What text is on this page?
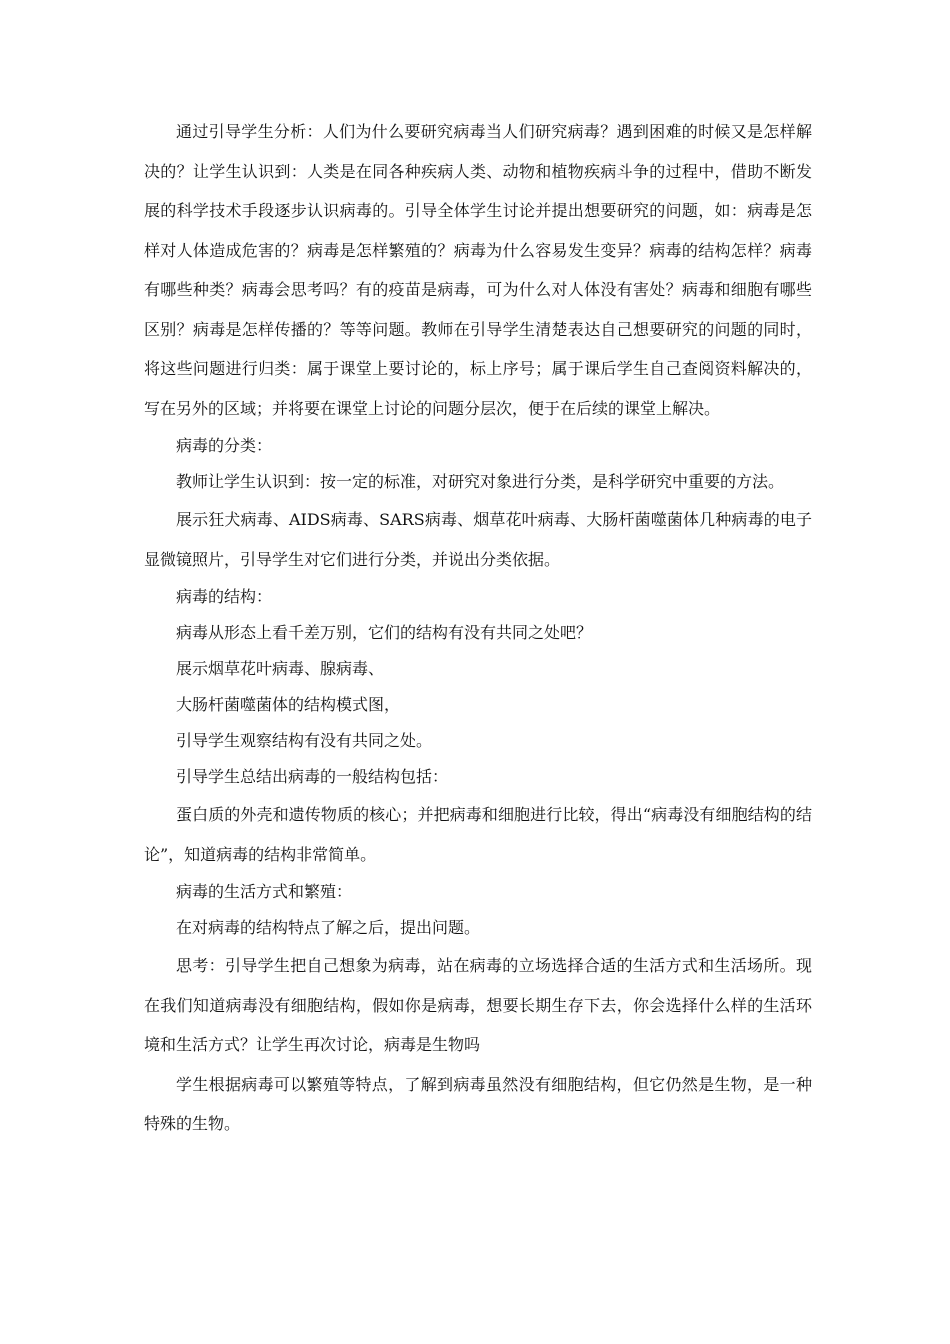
通过引导学生分析：人们为什么要研究病毒当人们研究病毒？遇到困难的时候又是怎样解决的？让学生认识到：人类是在同各种疾病人类、动物和植物疾病斗争的过程中，借助不断发展的科学技术手段逐步认识病毒的。引导全体学生讨论并提出想要研究的问题，如：病毒是怎样对人体造成危害的？病毒是怎样繁殖的？病毒为什么容易发生变异？病毒的结构怎样？病毒有哪些种类？病毒会思考吗？有的疫苗是病毒，可为什么对人体没有害处？病毒和细胞有哪些区别？病毒是怎样传播的？等等问题。教师在引导学生清楚表达自己想要研究的问题的同时，将这些问题进行归类：属于课堂上要讨论的，标上序号；属于课后学生自己查阅资料解决的，写在另外的区域；并将要在课堂上讨论的问题分层次，便于在后续的课堂上解决。

病毒的分类：

教师让学生认识到：按一定的标准，对研究对象进行分类，是科学研究中重要的方法。

展示狂犬病毒、AIDS病毒、SARS病毒、烟草花叶病毒、大肠杆菌噬菌体几种病毒的电子显微镜照片，引导学生对它们进行分类，并说出分类依据。

病毒的结构：

病毒从形态上看千差万别，它们的结构有没有共同之处吧？

展示烟草花叶病毒、腺病毒、

大肠杆菌噬菌体的结构模式图，

引导学生观察结构有没有共同之处。

引导学生总结出病毒的一般结构包括：

蛋白质的外壳和遗传物质的核心；并把病毒和细胞进行比较，得出“病毒没有细胞结构的结论”，知道病毒的结构非常简单。

病毒的生活方式和繁殖：

在对病毒的结构特点了解之后，提出问题。

思考：引导学生把自己想象为病毒，站在病毒的立场选择合适的生活方式和生活场所。现在我们知道病毒没有细胞结构，假如你是病毒，想要长期生存下去，你会选择什么样的生活环境和生活方式？让学生再次讨论，病毒是生物吗

学生根据病毒可以繁殖等特点，了解到病毒虽然没有细胞结构，但它仍然是生物，是一种特殊的生物。
